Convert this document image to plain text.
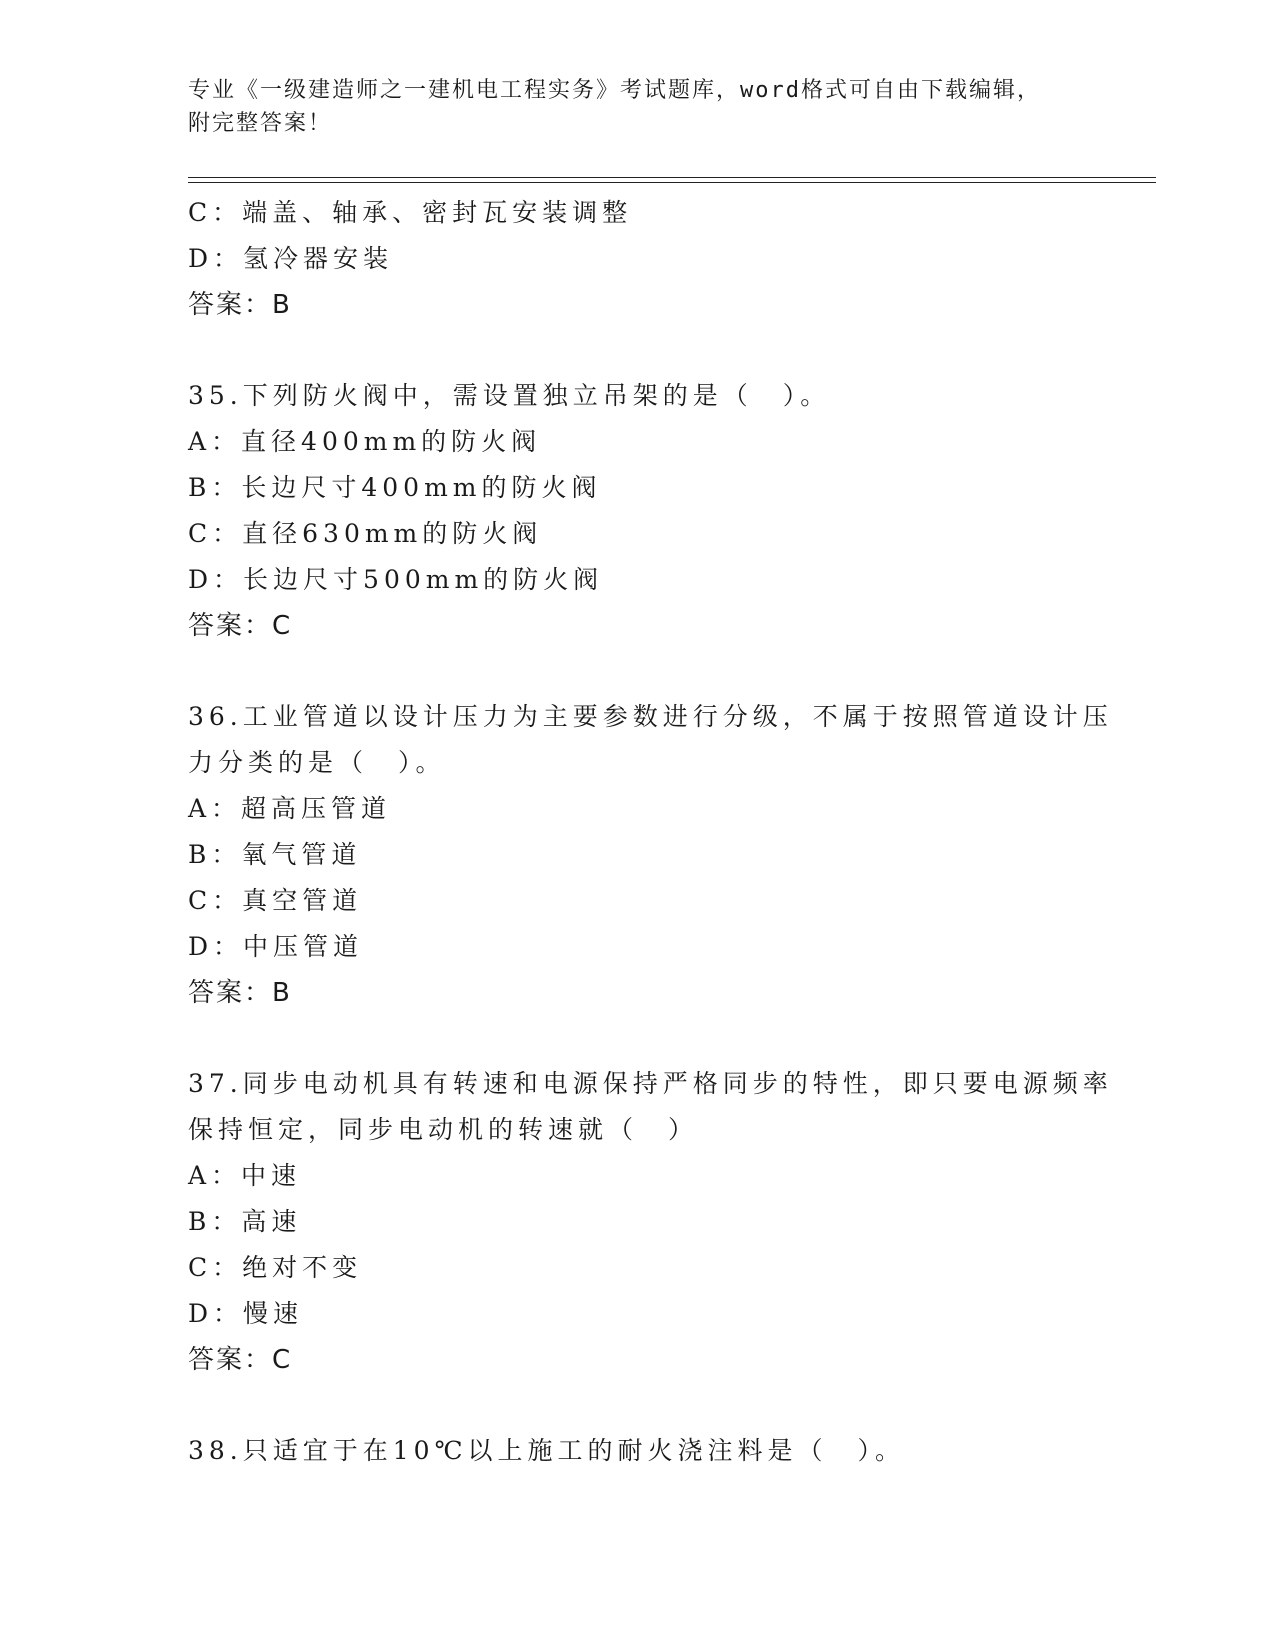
专业《一级建造师之一建机电工程实务》考试题库，word格式可自由下载编辑，
附完整答案！
C：端盖、轴承、密封瓦安装调整
D：氢冷器安装
答案：B
35.下列防火阀中，需设置独立吊架的是（　）。
A：直径400mm的防火阀
B：长边尺寸400mm的防火阀
C：直径630mm的防火阀
D：长边尺寸500mm的防火阀
答案：C
36.工业管道以设计压力为主要参数进行分级，不属于按照管道设计压
力分类的是（　）。
A：超高压管道
B：氧气管道
C：真空管道
D：中压管道
答案：B
37.同步电动机具有转速和电源保持严格同步的特性，即只要电源频率
保持恒定，同步电动机的转速就（　）
A：中速
B：高速
C：绝对不变
D：慢速
答案：C
38.只适宜于在10℃以上施工的耐火浇注料是（　）。
